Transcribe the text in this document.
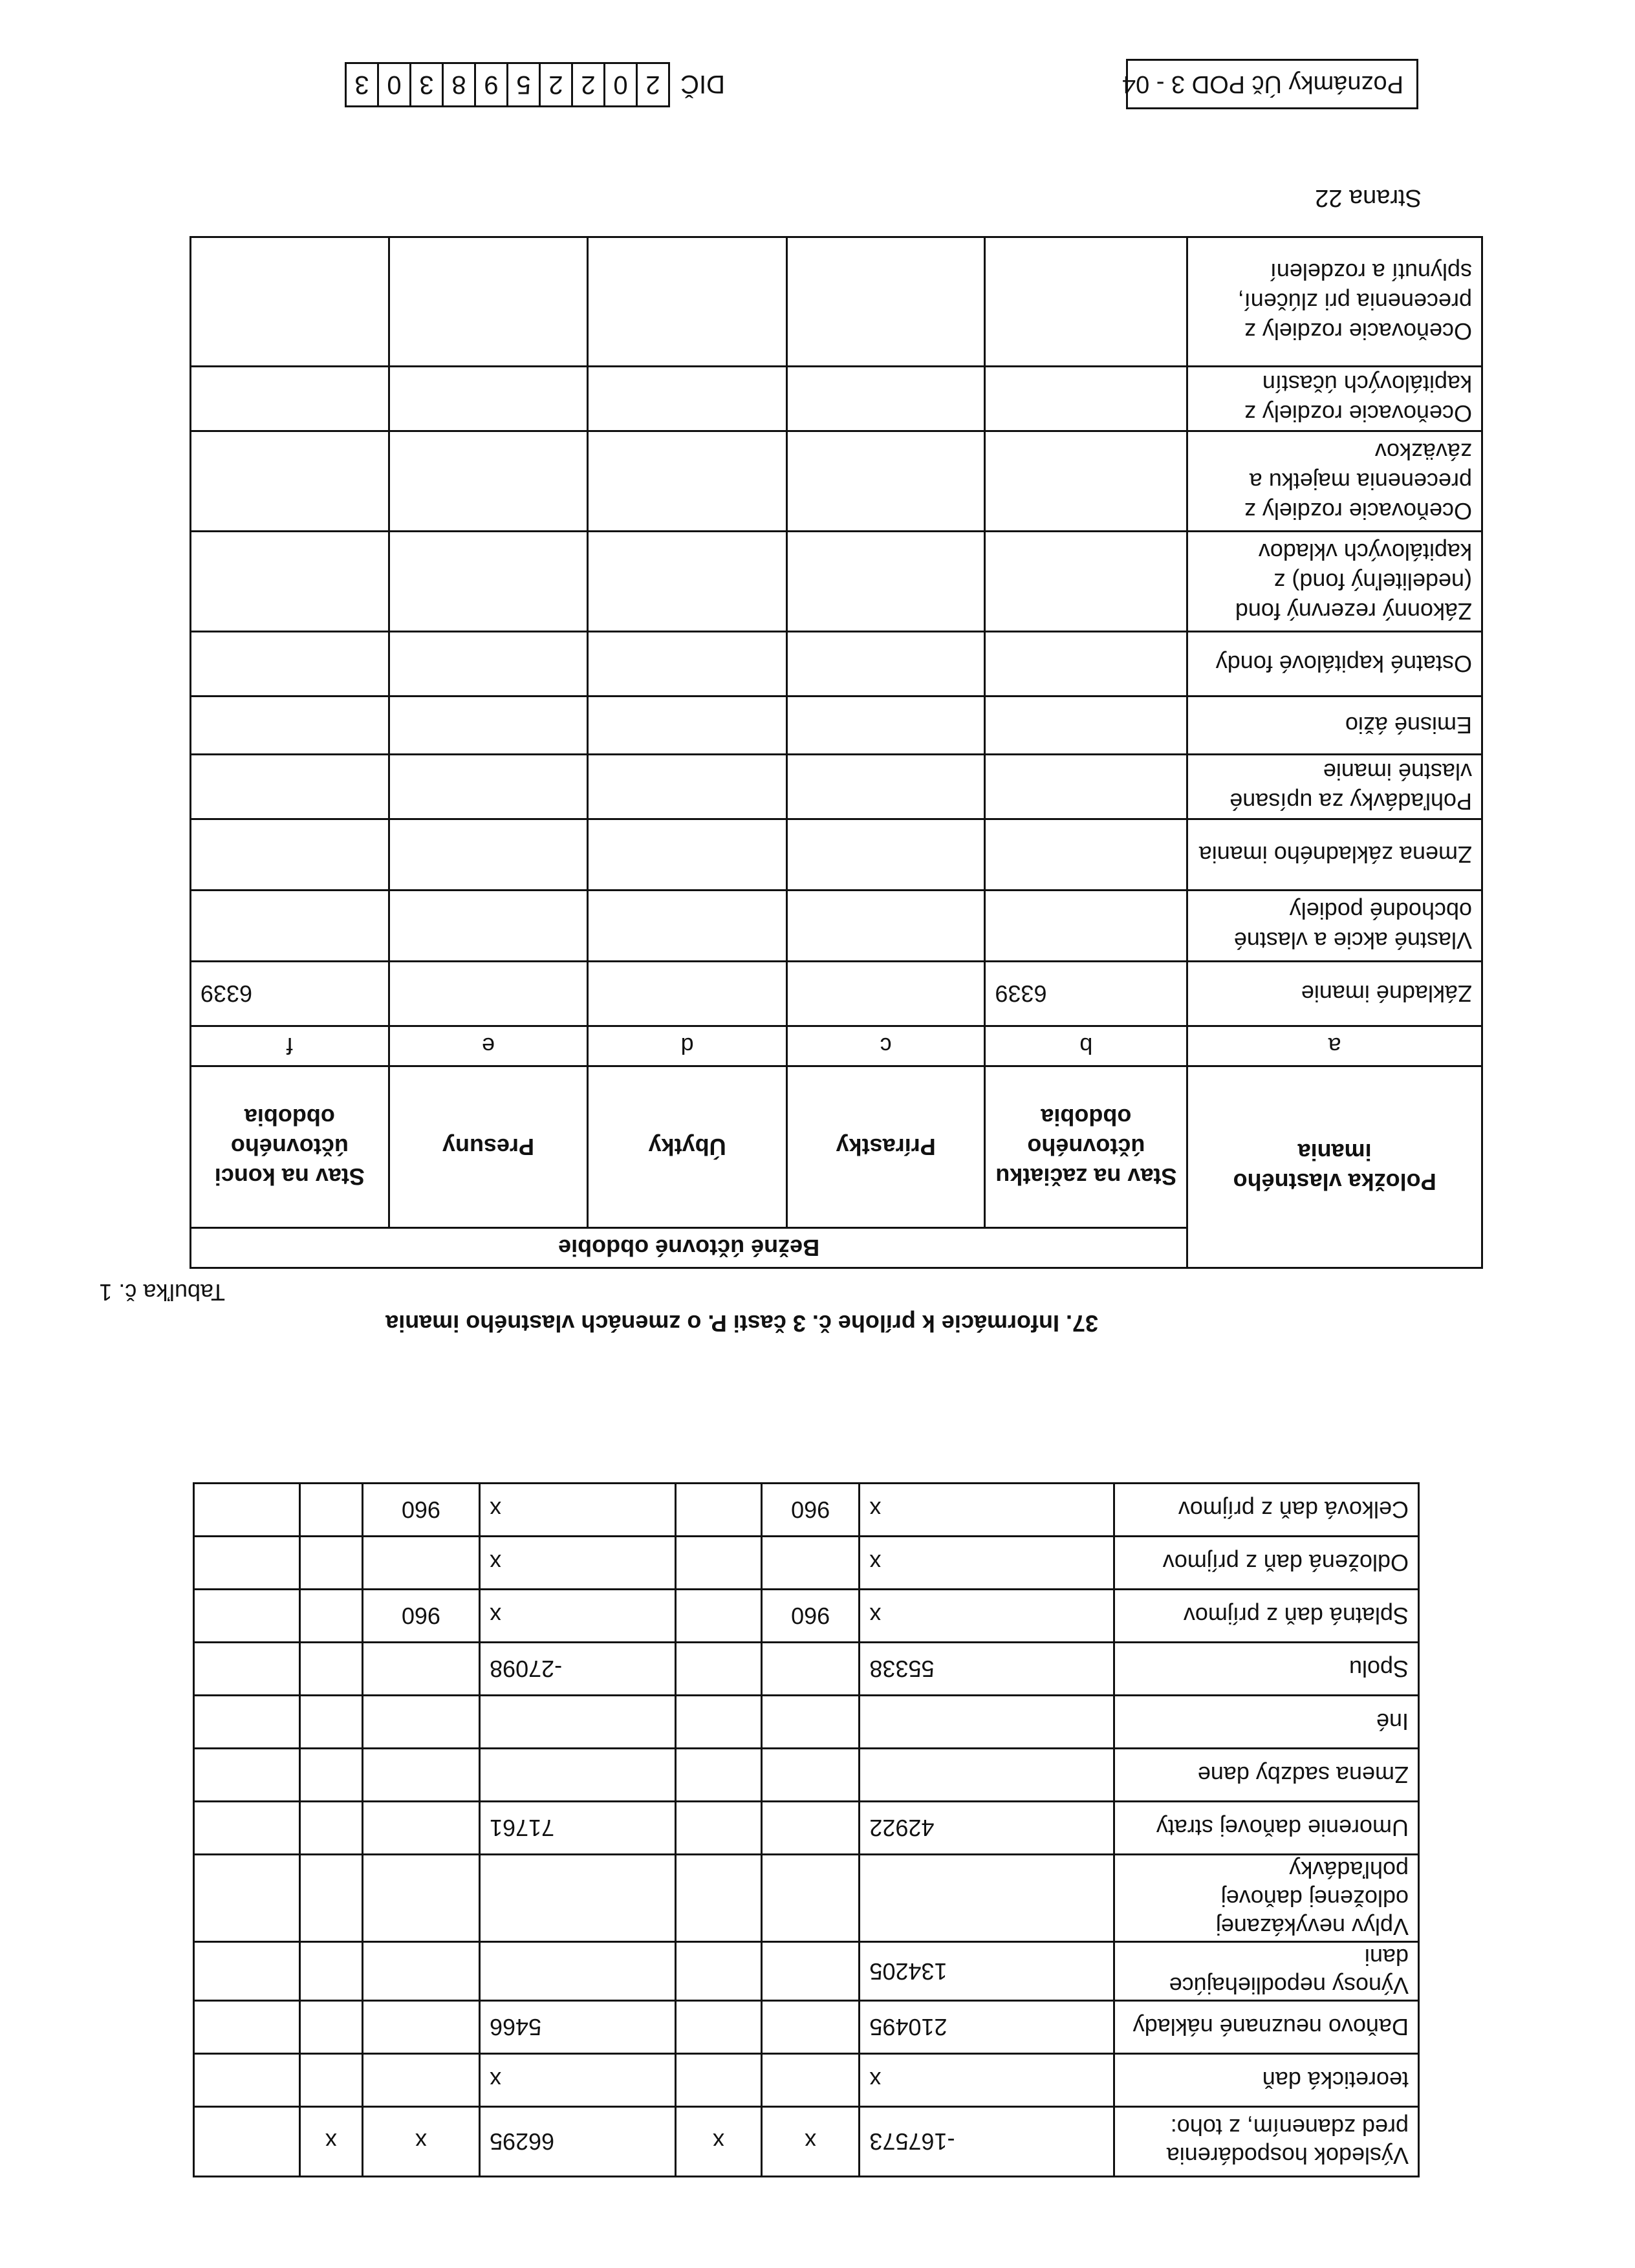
Poznámky Úč POD 3 - 04
DIČ
2
0
2
2
5
9
8
3
0
3
Výsledok hospodárenia pred zdanením, z toho:	-167573	x	x	66295	x	x	
teoretická daň	x			x			
Daňovo neuznané náklady	210495			5466			
Výnosy nepodliehajúce dani	134205						
Vplyv nevykázanej odloženej daňovej pohľadávky							
Umorenie daňovej straty	42922			71761			
Zmena sadzby dane							
Iné							
Spolu	55338			-27098			
Splatná daň z príjmov	x	960		x	960		
Odložená daň z príjmov	x			x			
Celková daň z príjmov	x	960		x	960		
37. Informácie k prílohe č. 3 časti P. o zmenách vlastného imania
Tabuľka č. 1
Položka vlastného imania	Bežné účtovné obdobie				
	Stav na začiatku účtovného obdobia	Prírastky	Úbytky	Presuny	Stav na konci účtovného obdobia
a	b	c	d	e	f
Základné imanie	6339				6339
Vlastné akcie a vlastné obchodné podiely					
Zmena základného imania					
Pohľadávky za upísané vlastné imanie					
Emisné ážio					
Ostatné kapitálové fondy					
Zákonný rezervný fond (nedeliteľný fond) z kapitálových vkladov					
Oceňovacie rozdiely z precenenia majetku a záväzkov					
Oceňovacie rozdiely z kapitálových účastín					
Oceňovacie rozdiely z precenenia pri zlúčení, splynutí a rozdelení					
Strana 22
